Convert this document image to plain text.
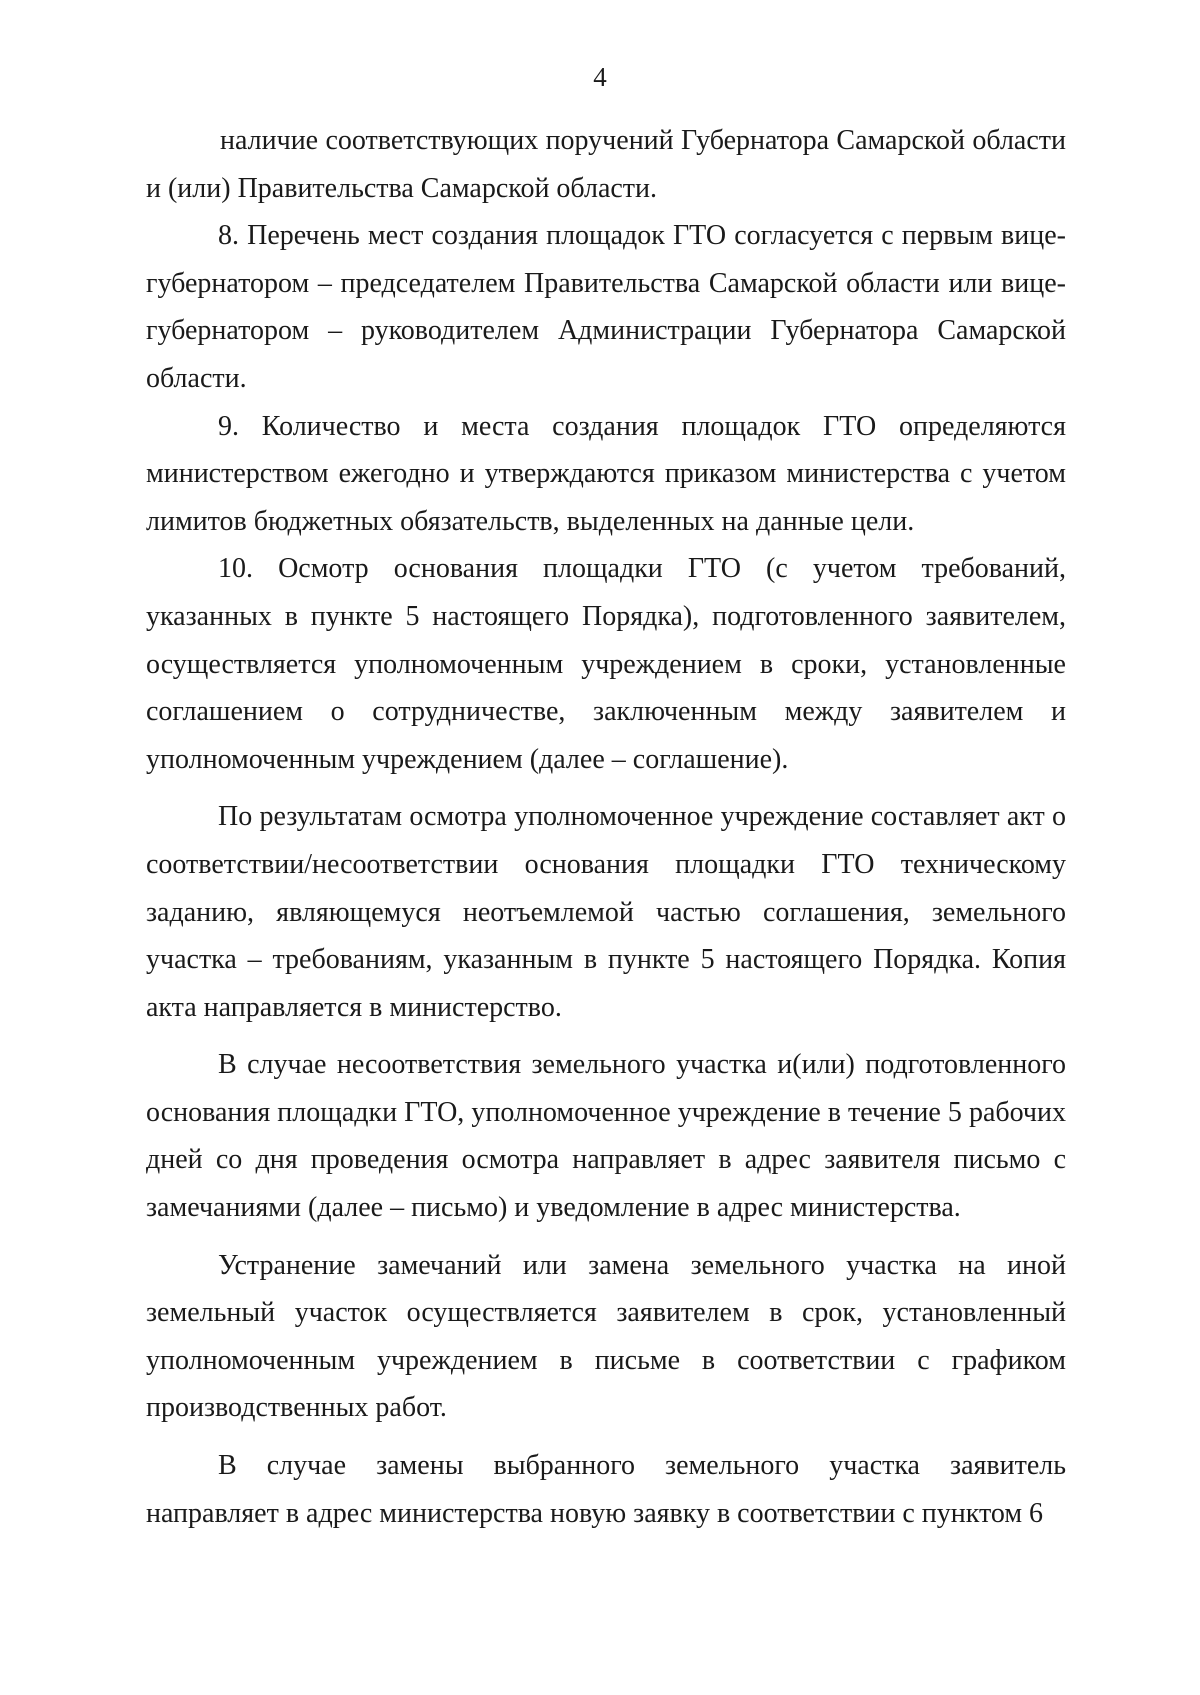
4

наличие соответствующих поручений Губернатора Самарской области и (или) Правительства Самарской области.

8. Перечень мест создания площадок ГТО согласуется с первым вице-губернатором – председателем Правительства Самарской области или вице-губернатором – руководителем Администрации Губернатора Самарской области.

9. Количество и места создания площадок ГТО определяются министерством ежегодно и утверждаются приказом министерства с учетом лимитов бюджетных обязательств, выделенных на данные цели.

10. Осмотр основания площадки ГТО (с учетом требований, указанных в пункте 5 настоящего Порядка), подготовленного заявителем, осуществляется уполномоченным учреждением в сроки, установленные соглашением о сотрудничестве, заключенным между заявителем и уполномоченным учреждением (далее – соглашение).

По результатам осмотра уполномоченное учреждение составляет акт о соответствии/несоответствии основания площадки ГТО техническому заданию, являющемуся неотъемлемой частью соглашения, земельного участка – требованиям, указанным в пункте 5 настоящего Порядка. Копия акта направляется в министерство.

В случае несоответствия земельного участка и(или) подготовленного основания площадки ГТО, уполномоченное учреждение в течение 5 рабочих дней со дня проведения осмотра направляет в адрес заявителя письмо с замечаниями (далее – письмо) и уведомление в адрес министерства.

Устранение замечаний или замена земельного участка на иной земельный участок осуществляется заявителем в срок, установленный уполномоченным учреждением в письме в соответствии с графиком производственных работ.

В случае замены выбранного земельного участка заявитель направляет в адрес министерства новую заявку в соответствии с пунктом 6
